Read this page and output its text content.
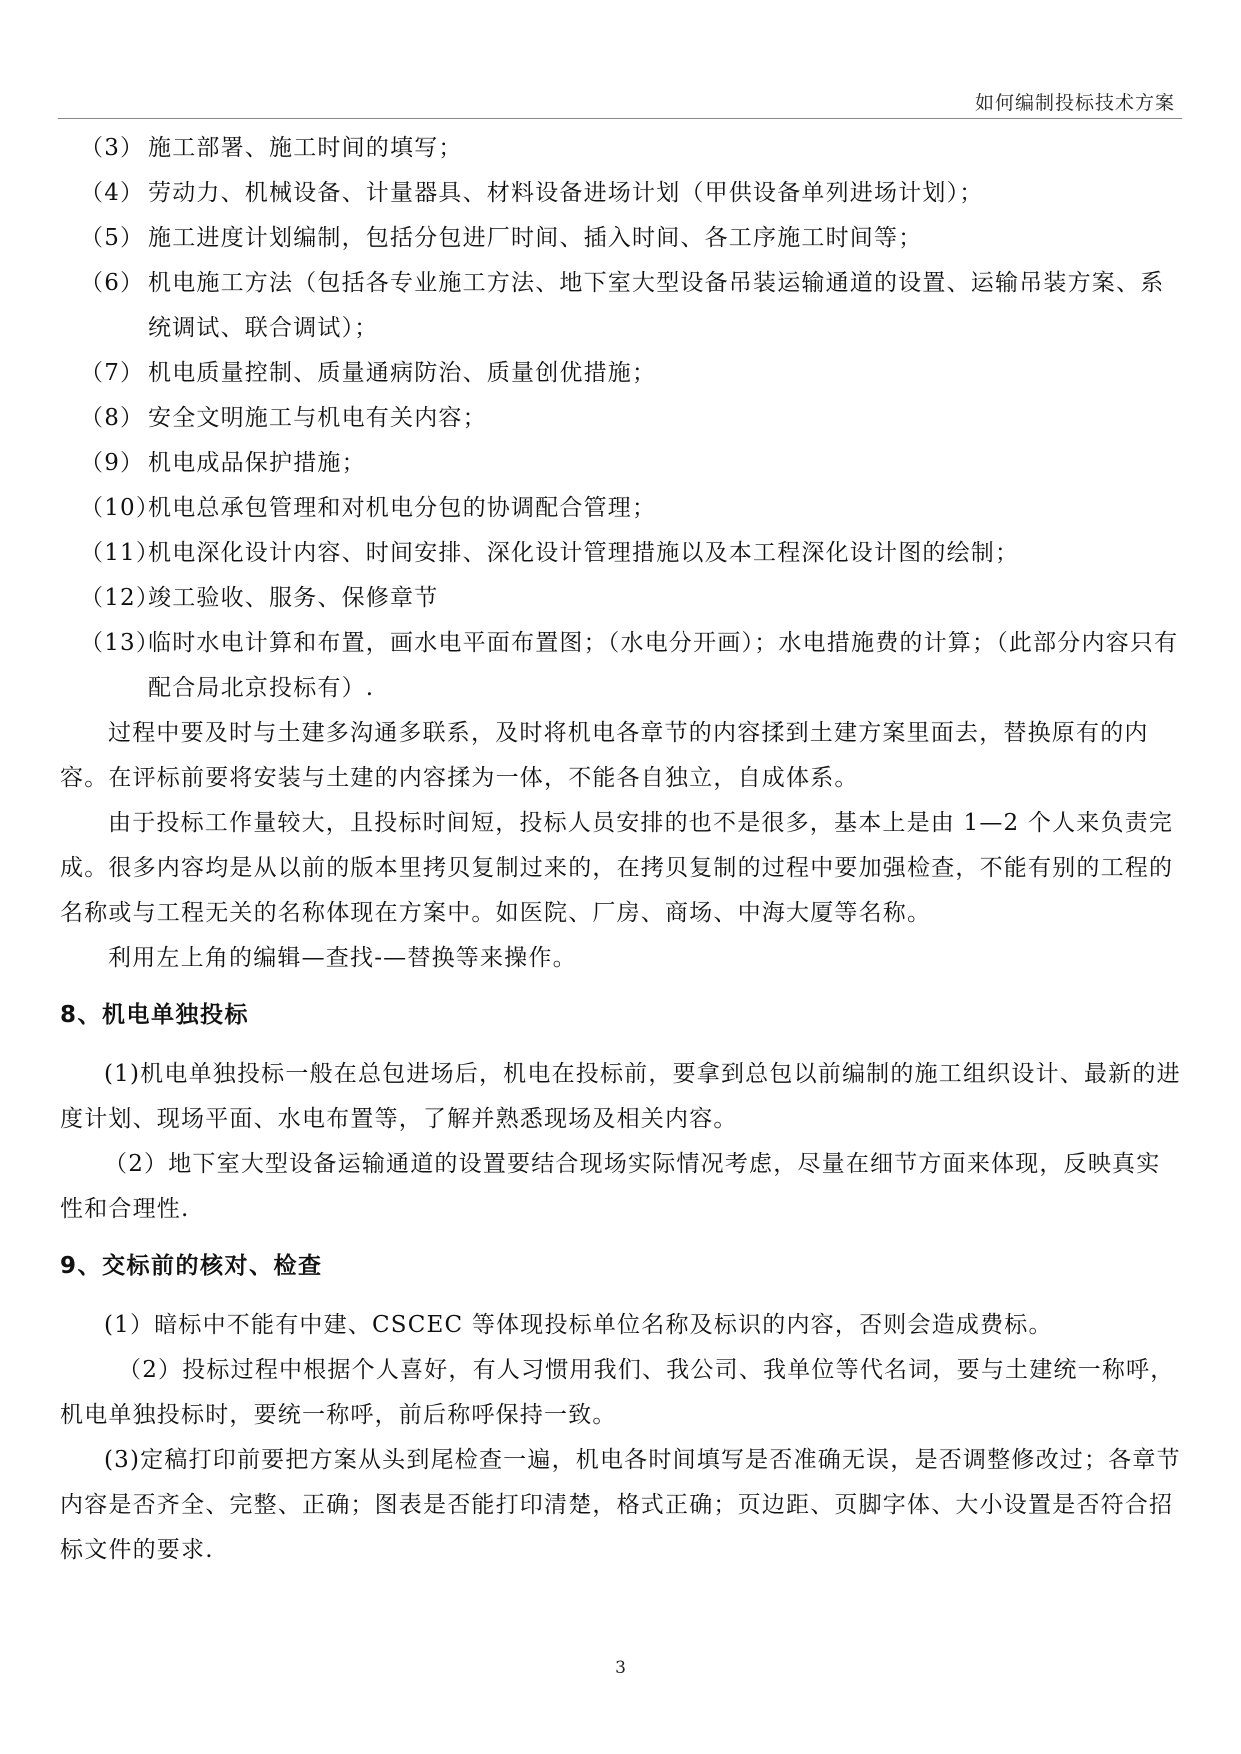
如何编制投标技术方案
（3） 施工部署、施工时间的填写；
（4） 劳动力、机械设备、计量器具、材料设备进场计划（甲供设备单列进场计划）；
（5） 施工进度计划编制，包括分包进厂时间、插入时间、各工序施工时间等；
（6） 机电施工方法（包括各专业施工方法、地下室大型设备吊装运输通道的设置、运输吊装方案、系统调试、联合调试）；
（7） 机电质量控制、质量通病防治、质量创优措施；
（8） 安全文明施工与机电有关内容；
（9） 机电成品保护措施；
（10）
机电总承包管理和对机电分包的协调配合管理；
（11）
机电深化设计内容、时间安排、深化设计管理措施以及本工程深化设计图的绘制；
（12）
竣工验收、服务、保修章节
（13）
临时水电计算和布置，画水电平面布置图；（水电分开画）；水电措施费的计算；（此部分内容只有配合局北京投标有）.

过程中要及时与土建多沟通多联系，及时将机电各章节的内容揉到土建方案里面去，替换原有的内容。在评标前要将安装与土建的内容揉为一体，不能各自独立，自成体系。

由于投标工作量较大，且投标时间短，投标人员安排的也不是很多，基本上是由 1—2 个人来负责完成。很多内容均是从以前的版本里拷贝复制过来的，在拷贝复制的过程中要加强检查，不能有别的工程的名称或与工程无关的名称体现在方案中。如医院、厂房、商场、中海大厦等名称。

利用左上角的编辑—查找-—替换等来操作。

8、机电单独投标

(1)机电单独投标一般在总包进场后，机电在投标前，要拿到总包以前编制的施工组织设计、最新的进度计划、现场平面、水电布置等，了解并熟悉现场及相关内容。

（2）地下室大型设备运输通道的设置要结合现场实际情况考虑，尽量在细节方面来体现，反映真实性和合理性.

9、交标前的核对、检查

(1）暗标中不能有中建、CSCEC 等体现投标单位名称及标识的内容，否则会造成费标。

（2）投标过程中根据个人喜好，有人习惯用我们、我公司、我单位等代名词，要与土建统一称呼，机电单独投标时，要统一称呼，前后称呼保持一致。

(3)定稿打印前要把方案从头到尾检查一遍，机电各时间填写是否准确无误，是否调整修改过；各章节内容是否齐全、完整、正确；图表是否能打印清楚，格式正确；页边距、页脚字体、大小设置是否符合招标文件的要求.

3
